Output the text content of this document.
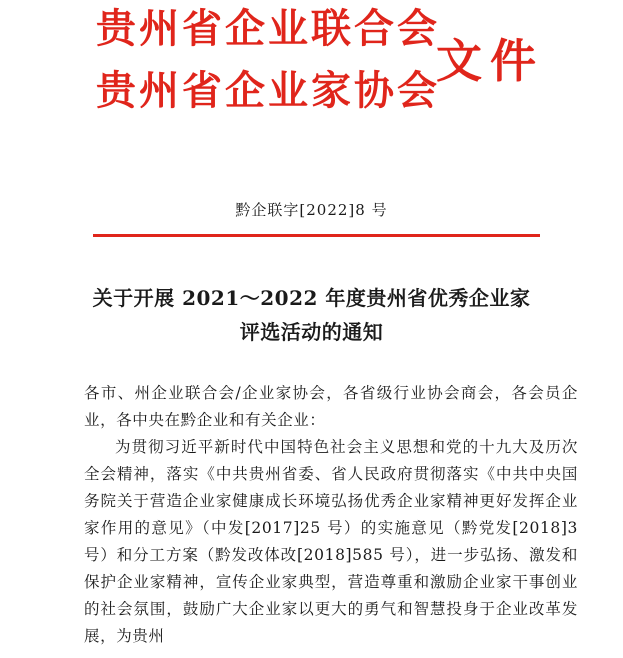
贵州省企业联合会
贵州省企业家协会
文件
黔企联字[2022]8 号
关于开展 2021～2022 年度贵州省优秀企业家
评选活动的通知

各市、州企业联合会/企业家协会，各省级行业协会商会，各会员企业，各中央在黔企业和有关企业：

为贯彻习近平新时代中国特色社会主义思想和党的十九大及历次全会精神，落实《中共贵州省委、省人民政府贯彻落实《中共中央国务院关于营造企业家健康成长环境弘扬优秀企业家精神更好发挥企业家作用的意见》（中发[2017]25 号）的实施意见（黔党发[2018]3 号）和分工方案（黔发改体改[2018]585 号），进一步弘扬、激发和保护企业家精神，宣传企业家典型，营造尊重和激励企业家干事创业的社会氛围，鼓励广大企业家以更大的勇气和智慧投身于企业改革发展，为贵州
